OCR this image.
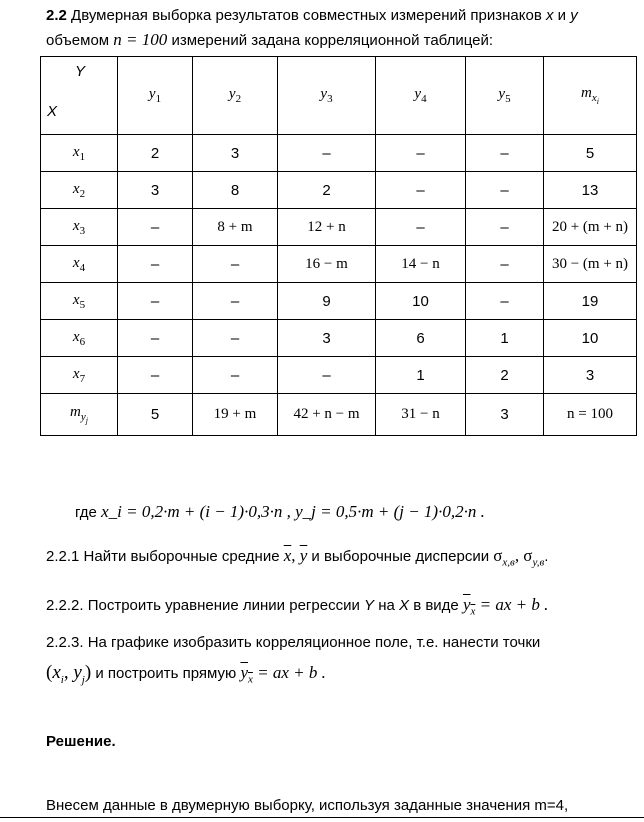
2.2 Двумерная выборка результатов совместных измерений признаков x и y
объемом n = 100 измерений задана корреляционной таблицей:
Y
X	$y_1$	$y_2$	$y_3$	$y_4$	$y_5$	$m_{x_i}$
$x_1$	2	3	–	–	–	5
$x_2$	3	8	2	–	–	13
$x_3$	–	8 + m	12 + n	–	–	20 + (m + n)
$x_4$	–	–	16 − m	14 − n	–	30 − (m + n)
$x_5$	–	–	9	10	–	19
$x_6$	–	–	3	6	1	10
$x_7$	–	–	–	1	2	3
$m_{y_j}$	5	19 + m	42 + n − m	31 − n	3	n = 100
где x_i = 0,2·m + (i − 1)·0,3·n , y_j = 0,5·m + (j − 1)·0,2·n .
2.2.1 Найти выборочные средние $\overline{x}$, $\overline{y}$ и выборочные дисперсии $\sigma_{x,в}$, $\sigma_{y,в}$.
2.2.2. Построить уравнение линии регрессии Y на X в виде $y_x$ = ax + b .
2.2.3. На графике изобразить корреляционное поле, т.е. нанести точки
($x_i$, $y_j$) и построить прямую $y_x$ = ax + b .
Решение.
Внесем данные в двумерную выборку, используя заданные значения m=4,
